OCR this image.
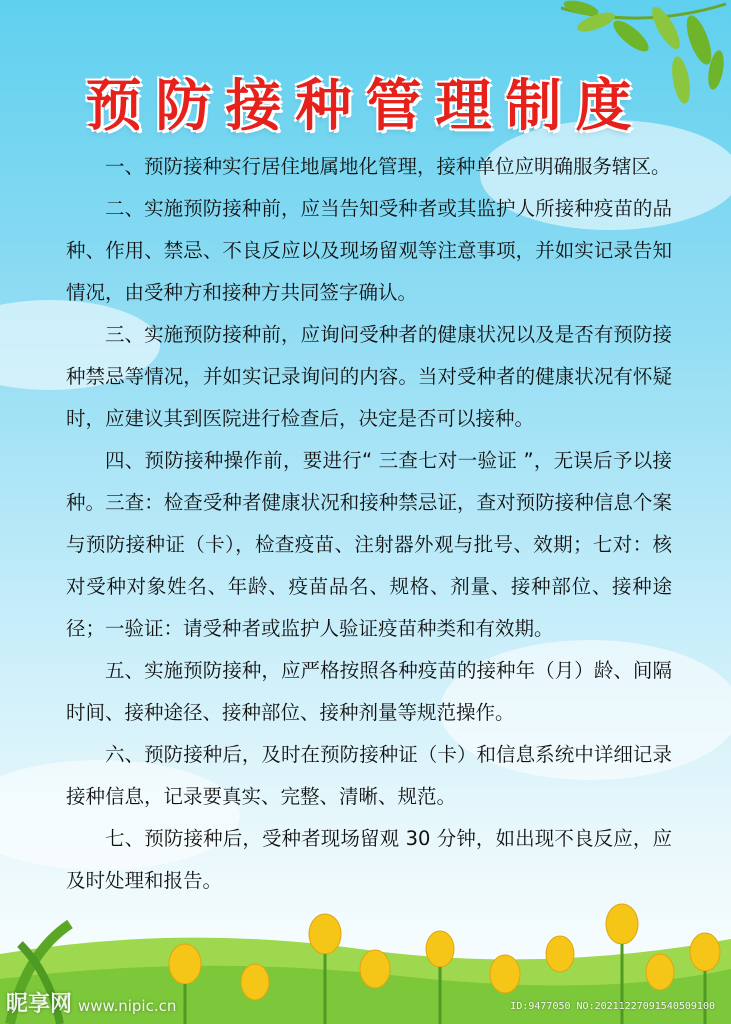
预防接种管理制度

一、预防接种实行居住地属地化管理，接种单位应明确服务辖区。

二、实施预防接种前，应当告知受种者或其监护人所接种疫苗的品种、作用、禁忌、不良反应以及现场留观等注意事项，并如实记录告知情况，由受种方和接种方共同签字确认。

三、实施预防接种前，应询问受种者的健康状况以及是否有预防接种禁忌等情况，并如实记录询问的内容。当对受种者的健康状况有怀疑时，应建议其到医院进行检查后，决定是否可以接种。

四、预防接种操作前，要进行“ 三查七对一验证 ”，无误后予以接种。三查：检查受种者健康状况和接种禁忌证，查对预防接种信息个案与预防接种证（卡），检查疫苗、注射器外观与批号、效期；七对：核对受种对象姓名、年龄、疫苗品名、规格、剂量、接种部位、接种途径；一验证：请受种者或监护人验证疫苗种类和有效期。

五、实施预防接种，应严格按照各种疫苗的接种年（月）龄、间隔时间、接种途径、接种部位、接种剂量等规范操作。

六、预防接种后，及时在预防接种证（卡）和信息系统中详细记录接种信息，记录要真实、完整、清晰、规范。

七、预防接种后，受种者现场留观 30 分钟，如出现不良反应，应及时处理和报告。

昵享网 www.nipic.cn	ID:9477050 NO:20211227091540509100
